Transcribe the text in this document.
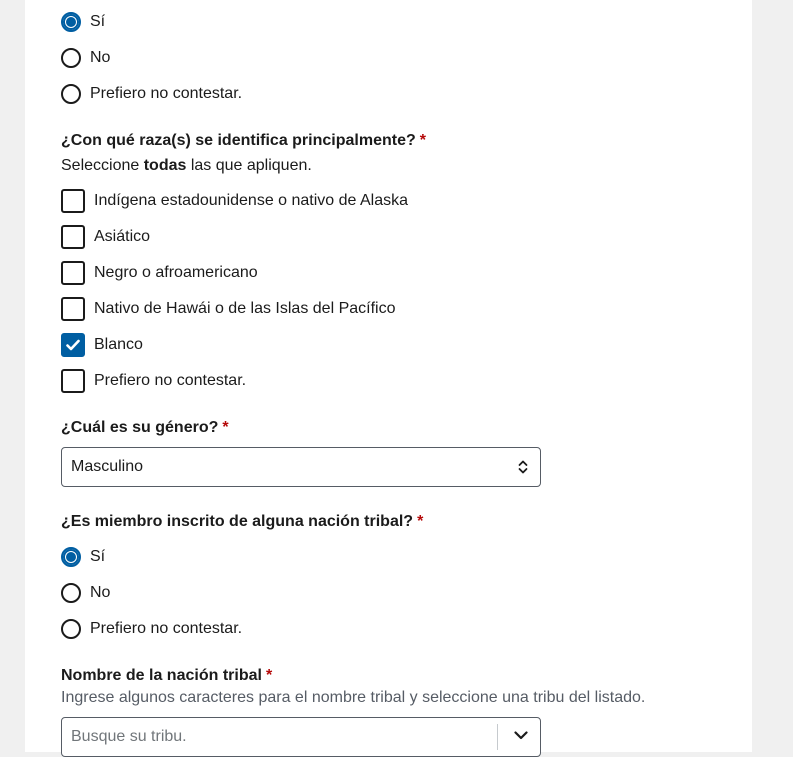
Sí
No
Prefiero no contestar.
¿Con qué raza(s) se identifica principalmente? *
Seleccione todas las que apliquen.
Indígena estadounidense o nativo de Alaska
Asiático
Negro o afroamericano
Nativo de Hawái o de las Islas del Pacífico
Blanco
Prefiero no contestar.
¿Cuál es su género? *
Masculino
¿Es miembro inscrito de alguna nación tribal? *
Sí
No
Prefiero no contestar.
Nombre de la nación tribal *
Ingrese algunos caracteres para el nombre tribal y seleccione una tribu del listado.
Busque su tribu.
